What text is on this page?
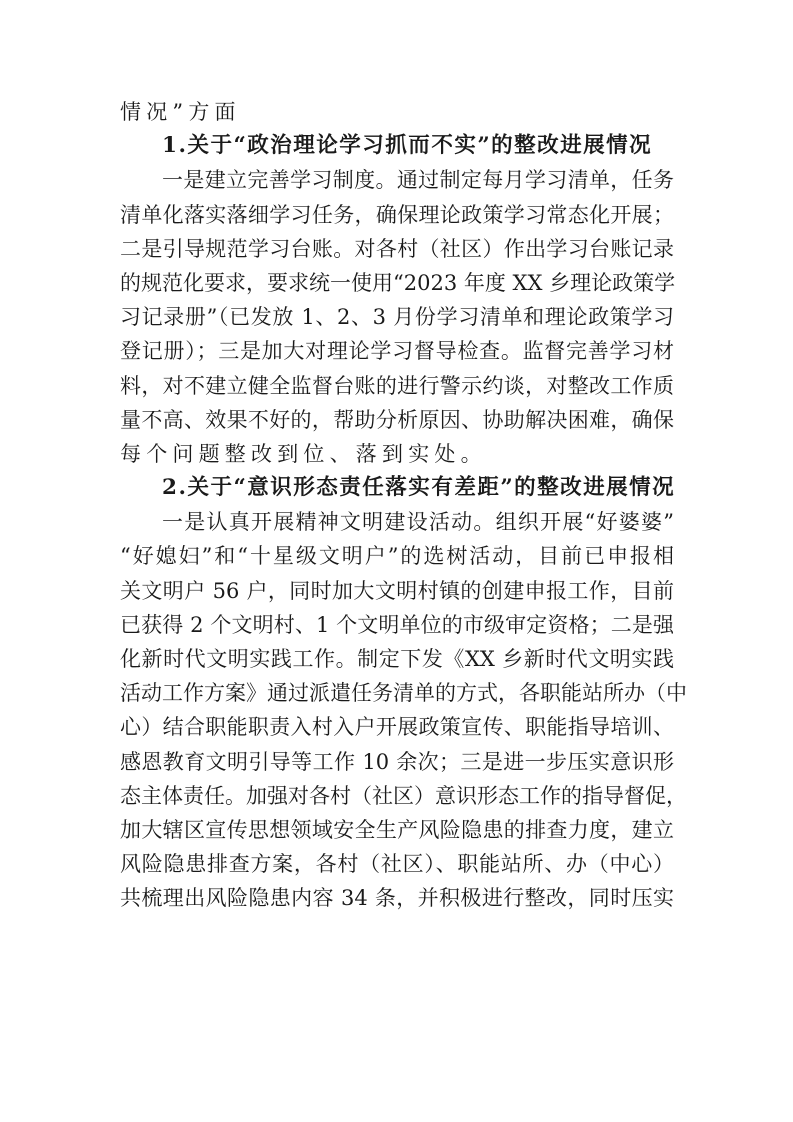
情况”方面
1.关于“政治理论学习抓而不实”的整改进展情况
一是建立完善学习制度。通过制定每月学习清单，任务
清单化落实落细学习任务，确保理论政策学习常态化开展；
二是引导规范学习台账。对各村（社区）作出学习台账记录
的规范化要求，要求统一使用“2023 年度 XX 乡理论政策学
习记录册”（已发放 1、2、3 月份学习清单和理论政策学习
登记册）；三是加大对理论学习督导检查。监督完善学习材
料，对不建立健全监督台账的进行警示约谈，对整改工作质
量不高、效果不好的，帮助分析原因、协助解决困难，确保
每个问题整改到位、落到实处。
2.关于“意识形态责任落实有差距”的整改进展情况
一是认真开展精神文明建设活动。组织开展“好婆婆”
“好媳妇”和“十星级文明户”的选树活动，目前已申报相
关文明户 56 户，同时加大文明村镇的创建申报工作，目前
已获得 2 个文明村、1 个文明单位的市级审定资格；二是强
化新时代文明实践工作。制定下发《XX 乡新时代文明实践
活动工作方案》通过派遣任务清单的方式，各职能站所办（中
心）结合职能职责入村入户开展政策宣传、职能指导培训、
感恩教育文明引导等工作 10 余次；三是进一步压实意识形
态主体责任。加强对各村（社区）意识形态工作的指导督促，
加大辖区宣传思想领域安全生产风险隐患的排查力度，建立
风险隐患排查方案，各村（社区）、职能站所、办（中心）
共梳理出风险隐患内容 34 条，并积极进行整改，同时压实
